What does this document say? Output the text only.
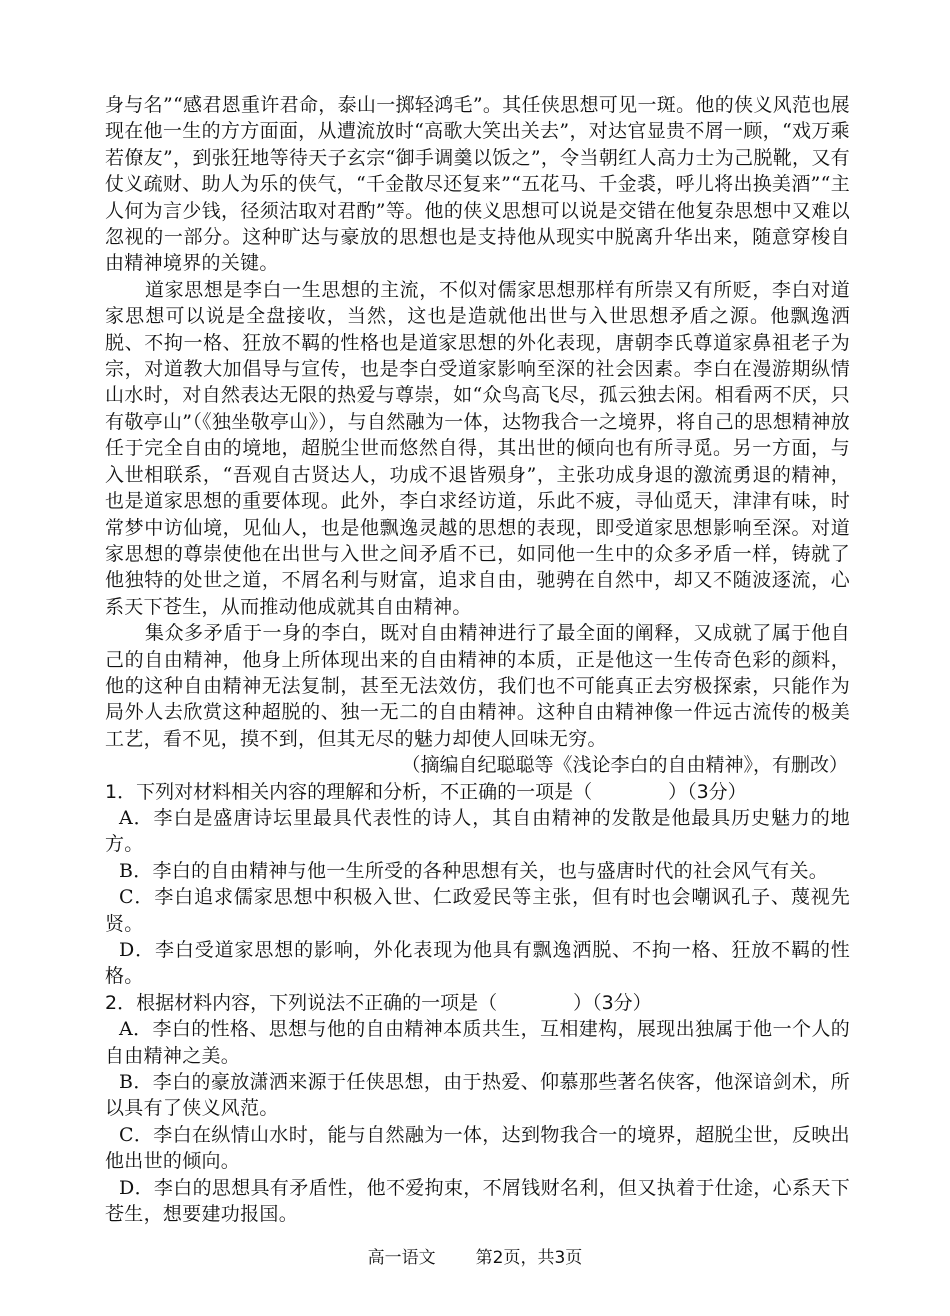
身与名”“感君恩重许君命，泰山一掷轻鸿毛”。其任侠思想可见一斑。他的侠义风范也展现在他一生的方方面面，从遭流放时“高歌大笑出关去”，对达官显贵不屑一顾，“戏万乘若僚友”，到张狂地等待天子玄宗“御手调羹以饭之”，令当朝红人高力士为己脱靴，又有仗义疏财、助人为乐的侠气，“千金散尽还复来”“五花马、千金裘，呼儿将出换美酒”“主人何为言少钱，径须沽取对君酌”等。他的侠义思想可以说是交错在他复杂思想中又难以忽视的一部分。这种旷达与豪放的思想也是支持他从现实中脱离升华出来，随意穿梭自由精神境界的关键。

道家思想是李白一生思想的主流，不似对儒家思想那样有所崇又有所贬，李白对道家思想可以说是全盘接收，当然，这也是造就他出世与入世思想矛盾之源。他飘逸洒脱、不拘一格、狂放不羁的性格也是道家思想的外化表现，唐朝李氏尊道家鼻祖老子为宗，对道教大加倡导与宣传，也是李白受道家影响至深的社会因素。李白在漫游期纵情山水时，对自然表达无限的热爱与尊崇，如“众鸟高飞尽，孤云独去闲。相看两不厌，只有敬亭山”（《独坐敬亭山》），与自然融为一体，达物我合一之境界，将自己的思想精神放任于完全自由的境地，超脱尘世而悠然自得，其出世的倾向也有所寻觅。另一方面，与入世相联系，“吾观自古贤达人，功成不退皆殒身”，主张功成身退的激流勇退的精神，也是道家思想的重要体现。此外，李白求经访道，乐此不疲，寻仙觅天，津津有味，时常梦中访仙境，见仙人，也是他飘逸灵越的思想的表现，即受道家思想影响至深。对道家思想的尊崇使他在出世与入世之间矛盾不已，如同他一生中的众多矛盾一样，铸就了他独特的处世之道，不屑名利与财富，追求自由，驰骋在自然中，却又不随波逐流，心系天下苍生，从而推动他成就其自由精神。

集众多矛盾于一身的李白，既对自由精神进行了最全面的阐释，又成就了属于他自己的自由精神，他身上所体现出来的自由精神的本质，正是他这一生传奇色彩的颜料，他的这种自由精神无法复制，甚至无法效仿，我们也不可能真正去穷极探索，只能作为局外人去欣赏这种超脱的、独一无二的自由精神。这种自由精神像一件远古流传的极美工艺，看不见，摸不到，但其无尽的魅力却使人回味无穷。

（摘编自纪聪聪等《浅论李白的自由精神》，有删改）

1．下列对材料相关内容的理解和分析，不正确的一项是（　　　　）（3分）

A．李白是盛唐诗坛里最具代表性的诗人，其自由精神的发散是他最具历史魅力的地方。

B．李白的自由精神与他一生所受的各种思想有关，也与盛唐时代的社会风气有关。

C．李白追求儒家思想中积极入世、仁政爱民等主张，但有时也会嘲讽孔子、蔑视先贤。

D．李白受道家思想的影响，外化表现为他具有飘逸洒脱、不拘一格、狂放不羁的性格。

2．根据材料内容，下列说法不正确的一项是（　　　　）（3分）

A．李白的性格、思想与他的自由精神本质共生，互相建构，展现出独属于他一个人的自由精神之美。

B．李白的豪放潇洒来源于任侠思想，由于热爱、仰慕那些著名侠客，他深谙剑术，所以具有了侠义风范。

C．李白在纵情山水时，能与自然融为一体，达到物我合一的境界，超脱尘世，反映出他出世的倾向。

D．李白的思想具有矛盾性，他不爱拘束，不屑钱财名利，但又执着于仕途，心系天下苍生，想要建功报国。

高一语文 第2页，共3页
